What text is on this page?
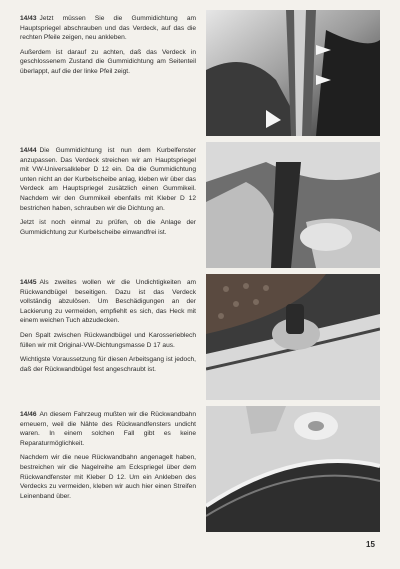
14/43 Jetzt müssen Sie die Gummidichtung am Hauptspriegel abschrauben und das Verdeck, auf das die rechten Pfeile zeigen, neu ankleben.

Außerdem ist darauf zu achten, daß das Verdeck in geschlossenem Zustand die Gummidichtung am Seitenteil überlappt, auf die der linke Pfeil zeigt.

14/44 Die Gummidichtung ist nun dem Kurbelfenster anzupassen. Das Verdeck streichen wir am Hauptspriegel mit VW-Universalkleber D 12 ein. Da die Gummidichtung unten nicht an der Kurbelscheibe anlag, kleben wir über das Verdeck am Hauptspriegel zusätzlich einen Gummikeil. Nachdem wir den Gummikeil ebenfalls mit Kleber D 12 bestrichen haben, schrauben wir die Dichtung an.

Jetzt ist noch einmal zu prüfen, ob die Anlage der Gummidichtung zur Kurbelscheibe einwandfrei ist.

14/45 Als zweites wollen wir die Undichtigkeiten am Rückwandbügel beseitigen. Dazu ist das Verdeck vollständig abzulösen. Um Beschädigungen an der Lackierung zu vermeiden, empfiehlt es sich, das Heck mit einem weichen Tuch abzudecken.

Den Spalt zwischen Rückwandbügel und Karosserieblech füllen wir mit Original-VW-Dichtungsmasse D 17 aus.

Wichtigste Voraussetzung für diesen Arbeitsgang ist jedoch, daß der Rückwandbügel fest angeschraubt ist.

14/46 An diesem Fahrzeug mußten wir die Rückwandbahn erneuern, weil die Nähte des Rückwandfensters undicht waren. In einem solchen Fall gibt es keine Reparaturmöglichkeit.

Nachdem wir die neue Rückwandbahn angenagelt haben, bestreichen wir die Nagelreihe am Eckspriegel über dem Rückwandfenster mit Kleber D 12. Um ein Ankleben des Verdecks zu vermeiden, kleben wir auch hier einen Streifen Leinenband über.

15
